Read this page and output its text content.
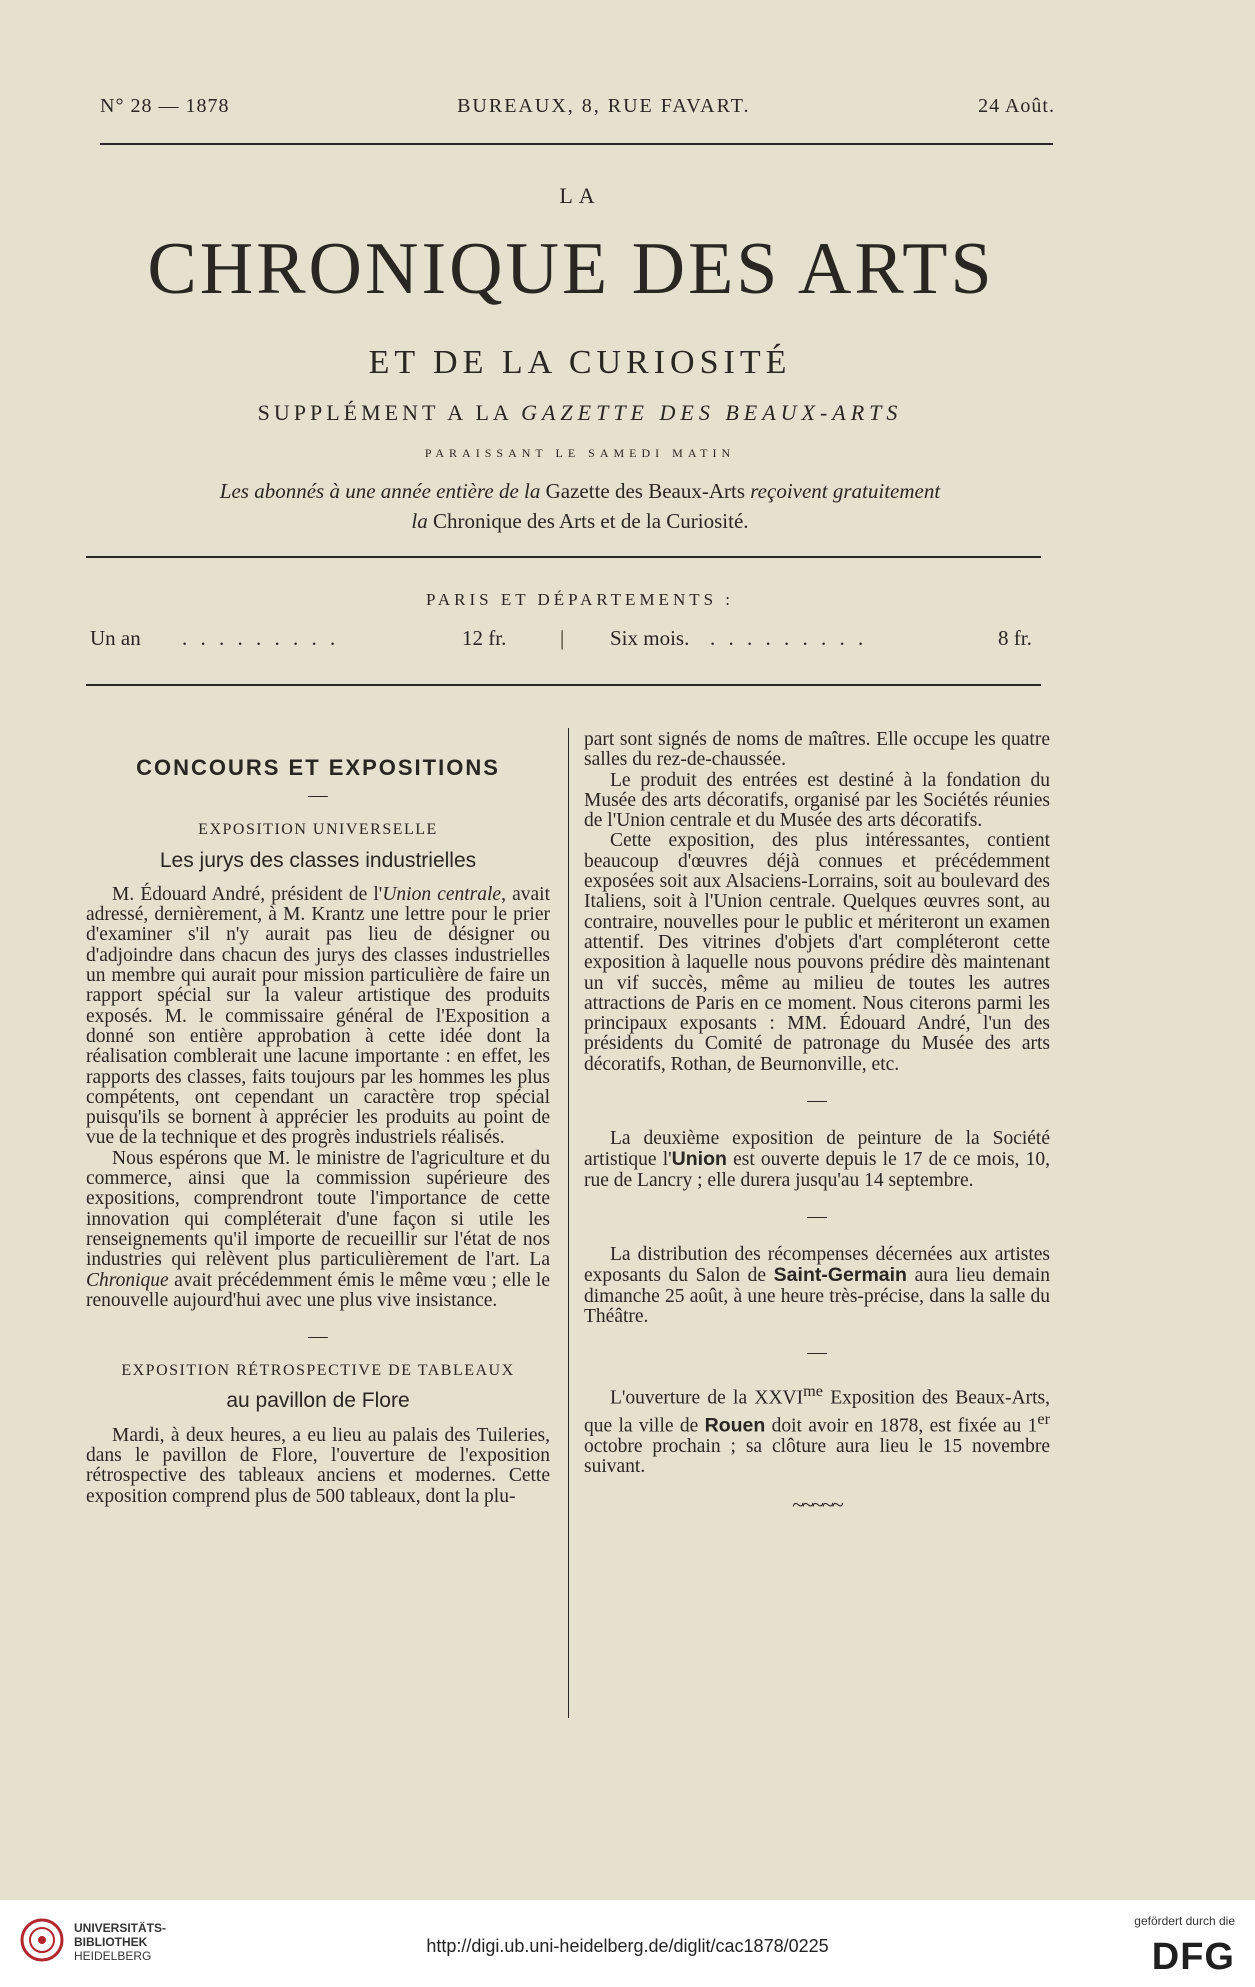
N° 28 — 1878	BUREAUX, 8, RUE FAVART.	24 Août.
LA
CHRONIQUE DES ARTS
ET DE LA CURIOSITÉ
SUPPLÉMENT A LA GAZETTE DES BEAUX-ARTS
PARAISSANT LE SAMEDI MATIN
Les abonnés à une année entière de la Gazette des Beaux-Arts reçoivent gratuitement
la Chronique des Arts et de la Curiosité.
PARIS ET DÉPARTEMENTS :
Un an . . . . . . . . .	12 fr.	| Six mois. . . . . . . . . .	8 fr.
CONCOURS ET EXPOSITIONS
—
EXPOSITION UNIVERSELLE
Les jurys des classes industrielles

M. Édouard André, président de l'Union centrale, avait adressé, dernièrement, à M. Krantz une lettre pour le prier d'examiner s'il n'y aurait pas lieu de désigner ou d'adjoindre dans chacun des jurys des classes industrielles un membre qui aurait pour mission particulière de faire un rapport spécial sur la valeur artistique des produits exposés. M. le commissaire général de l'Exposition a donné son entière approbation à cette idée dont la réalisation comblerait une lacune importante : en effet, les rapports des classes, faits toujours par les hommes les plus compétents, ont cependant un caractère trop spécial puisqu'ils se bornent à apprécier les produits au point de vue de la technique et des progrès industriels réalisés.

Nous espérons que M. le ministre de l'agriculture et du commerce, ainsi que la commission supérieure des expositions, comprendront toute l'importance de cette innovation qui compléterait d'une façon si utile les renseignements qu'il importe de recueillir sur l'état de nos industries qui relèvent plus particulièrement de l'art. La Chronique avait précédemment émis le même vœu ; elle le renouvelle aujourd'hui avec une plus vive insistance.

—
EXPOSITION RÉTROSPECTIVE DE TABLEAUX
au pavillon de Flore

Mardi, à deux heures, a eu lieu au palais des Tuileries, dans le pavillon de Flore, l'ouverture de l'exposition rétrospective des tableaux anciens et modernes. Cette exposition comprend plus de 500 tableaux, dont la plu-

part sont signés de noms de maîtres. Elle occupe les quatre salles du rez-de-chaussée.

Le produit des entrées est destiné à la fondation du Musée des arts décoratifs, organisé par les Sociétés réunies de l'Union centrale et du Musée des arts décoratifs.

Cette exposition, des plus intéressantes, contient beaucoup d'œuvres déjà connues et précédemment exposées soit aux Alsaciens-Lorrains, soit au boulevard des Italiens, soit à l'Union centrale. Quelques œuvres sont, au contraire, nouvelles pour le public et mériteront un examen attentif. Des vitrines d'objets d'art compléteront cette exposition à laquelle nous pouvons prédire dès maintenant un vif succès, même au milieu de toutes les autres attractions de Paris en ce moment. Nous citerons parmi les principaux exposants : MM. Édouard André, l'un des présidents du Comité de patronage du Musée des arts décoratifs, Rothan, de Beurnonville, etc.

—

La deuxième exposition de peinture de la Société artistique l'Union est ouverte depuis le 17 de ce mois, 10, rue de Lancry ; elle durera jusqu'au 14 septembre.

—

La distribution des récompenses décernées aux artistes exposants du Salon de Saint-Germain aura lieu demain dimanche 25 août, à une heure très-précise, dans la salle du Théâtre.

—

L'ouverture de la $XXVI^{me}$ Exposition des Beaux-Arts, que la ville de Rouen doit avoir en 1878, est fixée au 1er octobre prochain ; sa clôture aura lieu le 15 novembre suivant.

~~~~~
UNIVERSITÄTS-
BIBLIOTHEK
HEIDELBERG	http://digi.ub.uni-heidelberg.de/diglit/cac1878/0225
gefördert durch die
DFG
